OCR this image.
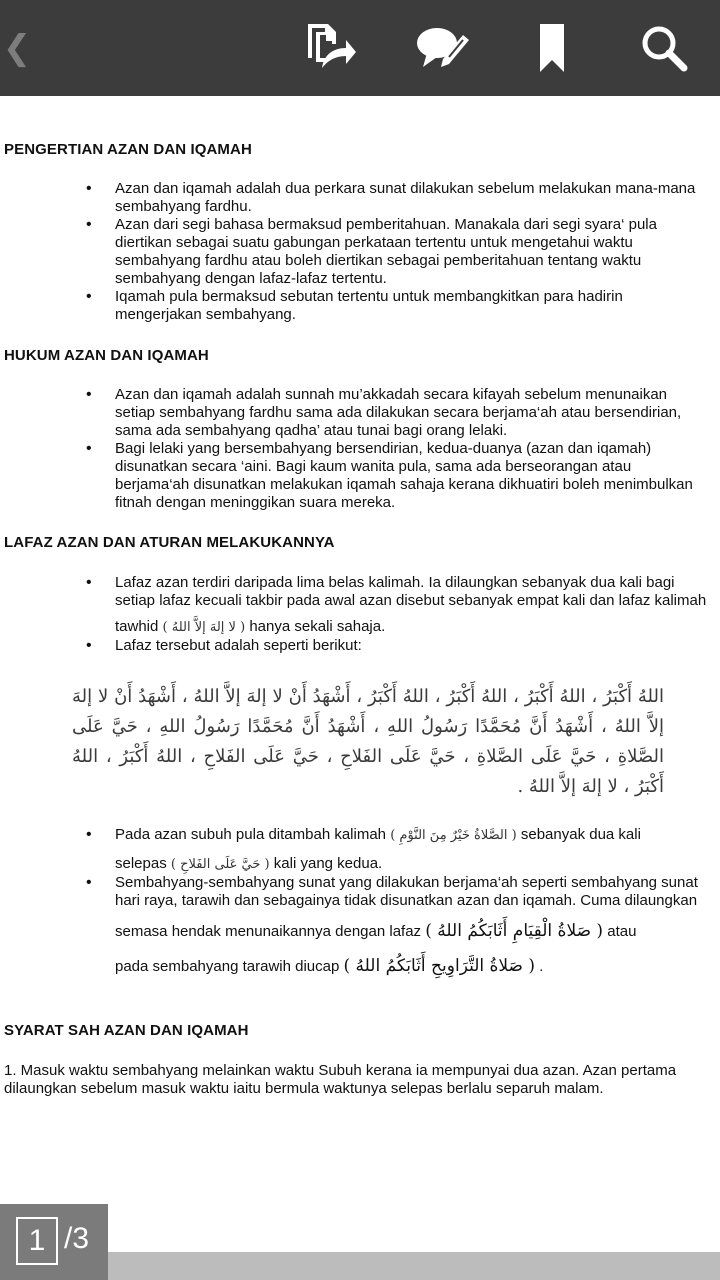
❮
PENGERTIAN AZAN DAN IQAMAH
• Azan dan iqamah adalah dua perkara sunat dilakukan sebelum melakukan mana-mana
sembahyang fardhu.
• Azan dari segi bahasa bermaksud pemberitahuan. Manakala dari segi syara‘ pula
diertikan sebagai suatu gabungan perkataan tertentu untuk mengetahui waktu
sembahyang fardhu atau boleh diertikan sebagai pemberitahuan tentang waktu
sembahyang dengan lafaz-lafaz tertentu.
• Iqamah pula bermaksud sebutan tertentu untuk membangkitkan para hadirin
mengerjakan sembahyang.
HUKUM AZAN DAN IQAMAH
• Azan dan iqamah adalah sunnah mu’akkadah secara kifayah sebelum menunaikan
setiap sembahyang fardhu sama ada dilakukan secara berjama‘ah atau bersendirian,
sama ada sembahyang qadha’ atau tunai bagi orang lelaki.
• Bagi lelaki yang bersembahyang bersendirian, kedua-duanya (azan dan iqamah)
disunatkan secara ‘aini. Bagi kaum wanita pula, sama ada berseorangan atau
berjama‘ah disunatkan melakukan iqamah sahaja kerana dikhuatiri boleh menimbulkan
fitnah dengan meninggikan suara mereka.
LAFAZ AZAN DAN ATURAN MELAKUKANNYA
• Lafaz azan terdiri daripada lima belas kalimah. Ia dilaungkan sebanyak dua kali bagi
setiap lafaz kecuali takbir pada awal azan disebut sebanyak empat kali dan lafaz kalimah
tawhid ( لا إلهَ إلاَّ اللهُ ) hanya sekali sahaja.
• Lafaz tersebut adalah seperti berikut:
اللهُ أَكْبَرُ ، اللهُ أَكْبَرُ ، اللهُ أَكْبَرُ ، اللهُ أَكْبَرُ ، أَشْهَدُ أَنْ لا إلهَ إلاَّ اللهُ ، أَشْهَدُ أَنْ لا إلهَ إلاَّ اللهُ ، أَشْهَدُ أَنَّ مُحَمَّدًا رَسُولُ اللهِ ، أَشْهَدُ أَنَّ مُحَمَّدًا رَسُولُ اللهِ ، حَيَّ عَلَى الصَّلاةِ ، حَيَّ عَلَى الصَّلاةِ ، حَيَّ عَلَى الفَلاحِ ، حَيَّ عَلَى الفَلاحِ ، اللهُ أَكْبَرُ ، اللهُ أَكْبَرُ ، لا إلهَ إلاَّ اللهُ .
• Pada azan subuh pula ditambah kalimah ( الصَّلاةُ خَيْرٌ مِنَ النَّوْمِ ) sebanyak dua kali
selepas ( حَيَّ عَلَى الفَلاحِ ) kali yang kedua.
• Sembahyang-sembahyang sunat yang dilakukan berjama‘ah seperti sembahyang sunat
hari raya, tarawih dan sebagainya tidak disunatkan azan dan iqamah. Cuma dilaungkan
semasa hendak menunaikannya dengan lafaz ( صَلاةُ الْقِيَامِ أَثَابَكُمُ اللهُ ) atau
pada sembahyang tarawih diucap ( صَلاةُ التَّرَاوِيحِ أَثَابَكُمُ اللهُ ) .
SYARAT SAH AZAN DAN IQAMAH
1. Masuk waktu sembahyang melainkan waktu Subuh kerana ia mempunyai dua azan. Azan pertama
dilaungkan sebelum masuk waktu iaitu bermula waktunya selepas berlalu separuh malam.
1 /3
